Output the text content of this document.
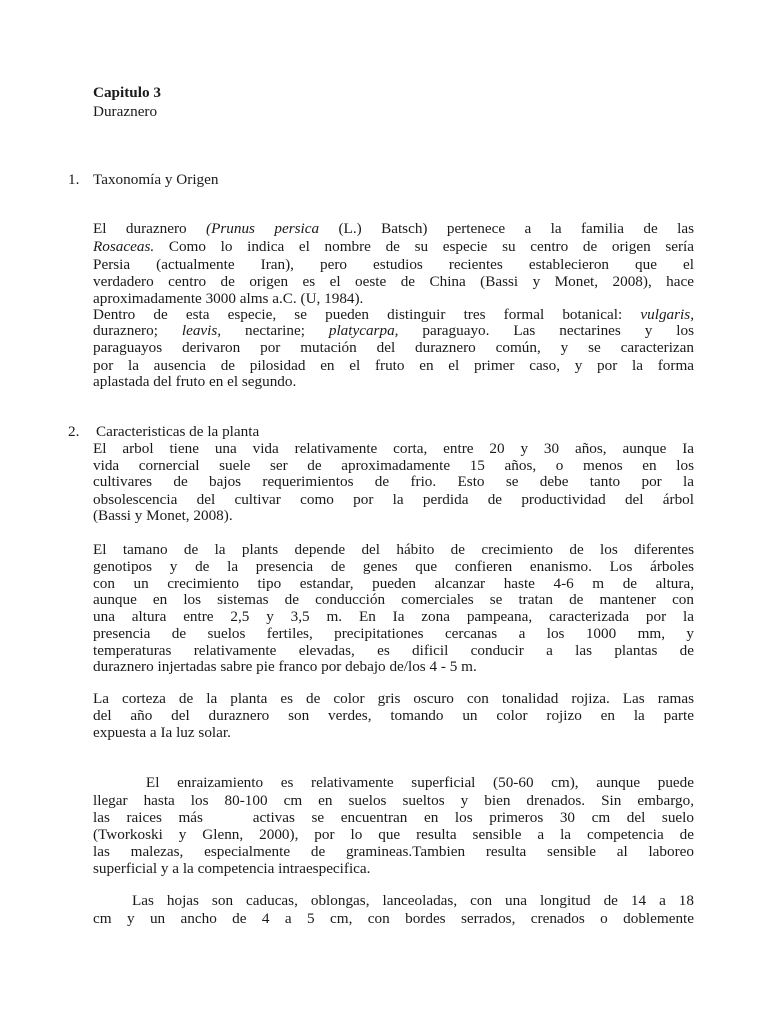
Capitulo 3
Duraznero
1. Taxonomía y Origen
El duraznero (Prunus persica (L.) Batsch) pertenece a la familia de las
Rosaceas. Como lo indica el nombre de su especie su centro de origen sería
Persia (actualmente Iran), pero estudios recientes establecieron que el
verdadero centro de origen es el oeste de China (Bassi y Monet, 2008), hace
aproximadamente 3000 alms a.C. (U, 1984).
Dentro de esta especie, se pueden distinguir tres formal botanical: vulgaris,
duraznero; leavis, nectarine; platycarpa, paraguayo. Las nectarines y los
paraguayos derivaron por mutación del duraznero común, y se caracterizan
por la ausencia de pilosidad en el fruto en el primer caso, y por la forma
aplastada del fruto en el segundo.
2. Caracteristicas de la planta
El arbol tiene una vida relativamente corta, entre 20 y 30 años, aunque Ia
vida cornercial suele ser de aproximadamente 15 años, o menos en los
cultivares de bajos requerimientos de frio. Esto se debe tanto por la
obsolescencia del cultivar como por la perdida de productividad del árbol
(Bassi y Monet, 2008).
El tamano de la plants depende del hábito de crecimiento de los diferentes
genotipos y de la presencia de genes que confieren enanismo. Los árboles
con un crecimiento tipo estandar, pueden alcanzar haste 4-6 m de altura,
aunque en los sistemas de conducción comerciales se tratan de mantener con
una altura entre 2,5 y 3,5 m. En Ia zona pampeana, caracterizada por la
presencia de suelos fertiles, precipitationes cercanas a los 1000 mm, y
temperaturas relativamente elevadas, es dificil conducir a las plantas de
duraznero injertadas sabre pie franco por debajo de/los 4 - 5 m.
La corteza de la planta es de color gris oscuro con tonalidad rojiza. Las ramas
del año del duraznero son verdes, tomando un color rojizo en la parte
expuesta a Ia luz solar.
El enraizamiento es relativamente superficial (50-60 cm), aunque puede
llegar hasta los 80-100 cm en suelos sueltos y bien drenados. Sin embargo,
las raices más   activas se encuentran en los primeros 30 cm del suelo
(Tworkoski y Glenn, 2000), por lo que resulta sensible a la competencia de
las malezas, especialmente de gramineas.Tambien resulta sensible al laboreo
superficial y a la competencia intraespecifica.
Las hojas son caducas, oblongas, lanceoladas, con una longitud de 14 a 18
cm y un ancho de 4 a 5 cm, con bordes serrados, crenados o doblemente
